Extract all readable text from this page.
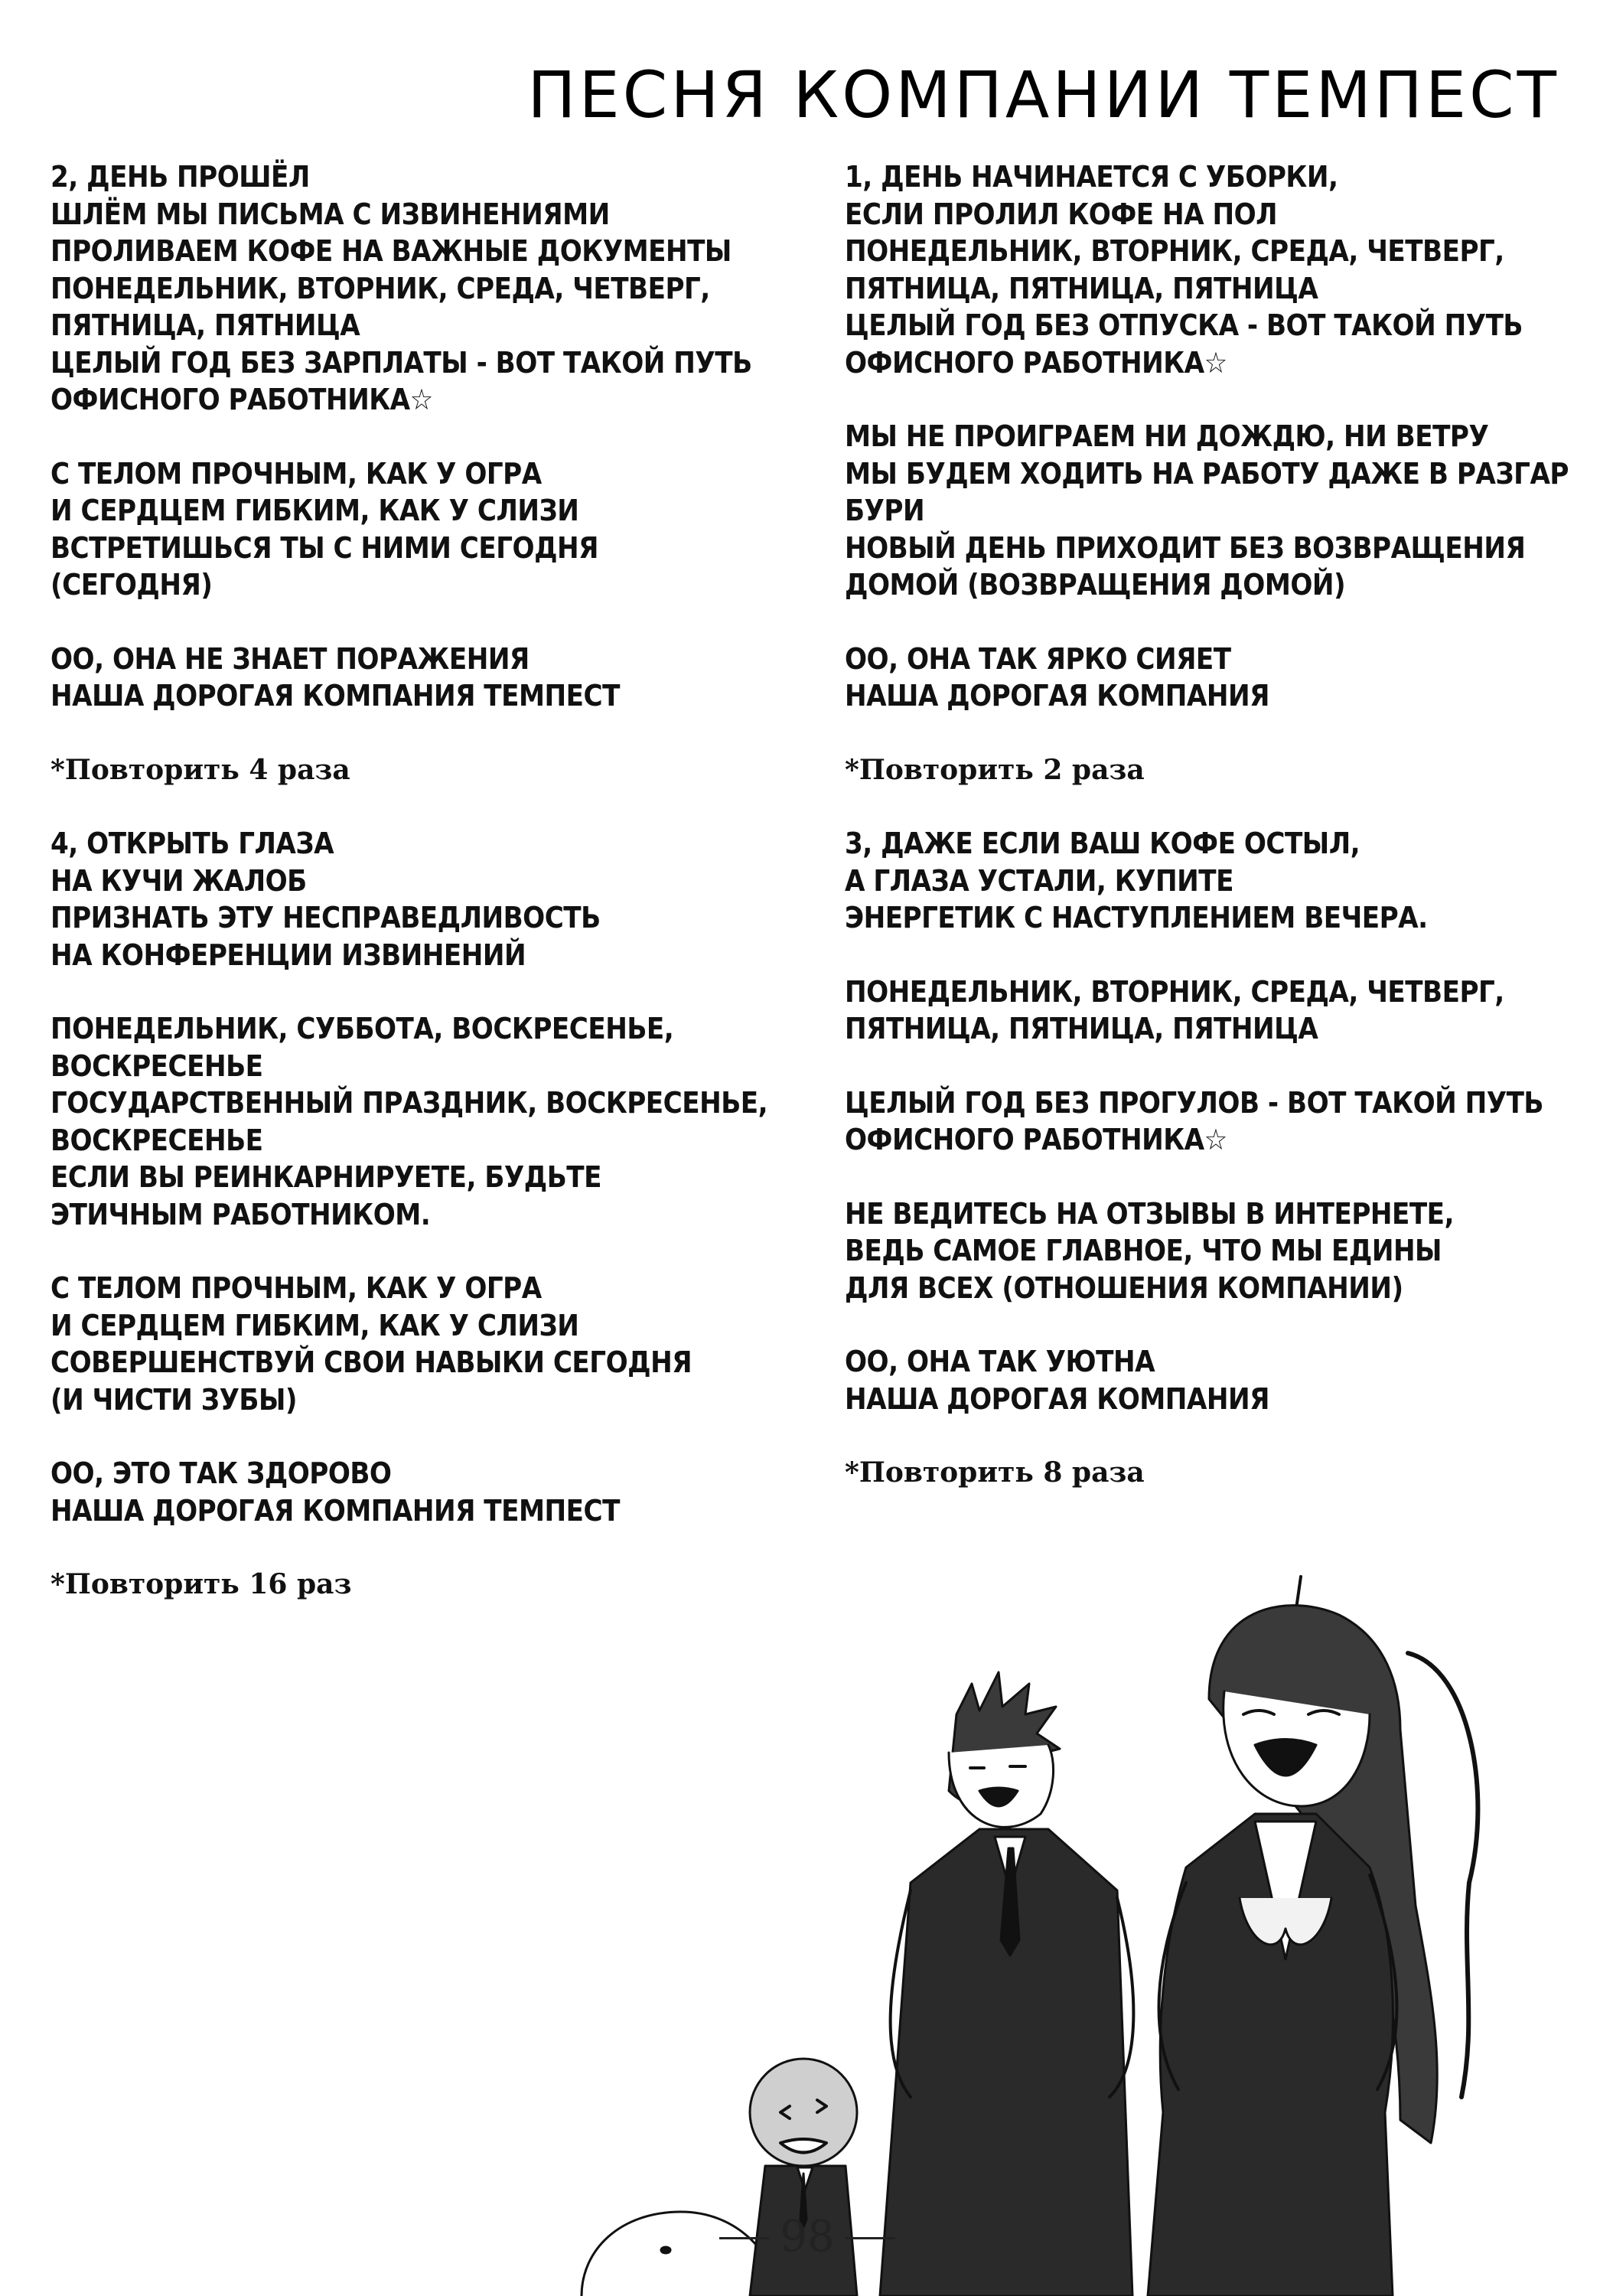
ПЕСНЯ КОМПАНИИ ТЕМПЕСТ
2, ДЕНЬ ПРОШЁЛ
ШЛЁМ МЫ ПИСЬМА С ИЗВИНЕНИЯМИ
ПРОЛИВАЕМ КОФЕ НА ВАЖНЫЕ ДОКУМЕНТЫ
ПОНЕДЕЛЬНИК, ВТОРНИК, СРЕДА, ЧЕТВЕРГ,
ПЯТНИЦА, ПЯТНИЦА
ЦЕЛЫЙ ГОД БЕЗ ЗАРПЛАТЫ - ВОТ ТАКОЙ ПУТЬ
ОФИСНОГО РАБОТНИКА☆
С ТЕЛОМ ПРОЧНЫМ, КАК У ОГРА
И СЕРДЦЕМ ГИБКИМ, КАК У СЛИЗИ
ВСТРЕТИШЬСЯ ТЫ С НИМИ СЕГОДНЯ
(СЕГОДНЯ)
ОО, ОНА НЕ ЗНАЕТ ПОРАЖЕНИЯ
НАША ДОРОГАЯ КОМПАНИЯ ТЕМПЕСТ
*Повторить 4 раза
4, ОТКРЫТЬ ГЛАЗА
НА КУЧИ ЖАЛОБ
ПРИЗНАТЬ ЭТУ НЕСПРАВЕДЛИВОСТЬ
НА КОНФЕРЕНЦИИ ИЗВИНЕНИЙ
ПОНЕДЕЛЬНИК, СУББОТА, ВОСКРЕСЕНЬЕ,
ВОСКРЕСЕНЬЕ
ГОСУДАРСТВЕННЫЙ ПРАЗДНИК, ВОСКРЕСЕНЬЕ,
ВОСКРЕСЕНЬЕ
ЕСЛИ ВЫ РЕИНКАРНИРУЕТЕ, БУДЬТЕ
ЭТИЧНЫМ РАБОТНИКОМ.
С ТЕЛОМ ПРОЧНЫМ, КАК У ОГРА
И СЕРДЦЕМ ГИБКИМ, КАК У СЛИЗИ
СОВЕРШЕНСТВУЙ СВОИ НАВЫКИ СЕГОДНЯ
(И ЧИСТИ ЗУБЫ)
ОО, ЭТО ТАК ЗДОРОВО
НАША ДОРОГАЯ КОМПАНИЯ ТЕМПЕСТ
*Повторить 16 раз
1, ДЕНЬ НАЧИНАЕТСЯ С УБОРКИ,
ЕСЛИ ПРОЛИЛ КОФЕ НА ПОЛ
ПОНЕДЕЛЬНИК, ВТОРНИК, СРЕДА, ЧЕТВЕРГ,
ПЯТНИЦА, ПЯТНИЦА, ПЯТНИЦА
ЦЕЛЫЙ ГОД БЕЗ ОТПУСКА - ВОТ ТАКОЙ ПУТЬ
ОФИСНОГО РАБОТНИКА☆
МЫ НЕ ПРОИГРАЕМ НИ ДОЖДЮ, НИ ВЕТРУ
МЫ БУДЕМ ХОДИТЬ НА РАБОТУ ДАЖЕ В РАЗГАР
БУРИ
НОВЫЙ ДЕНЬ ПРИХОДИТ БЕЗ ВОЗВРАЩЕНИЯ
ДОМОЙ (ВОЗВРАЩЕНИЯ ДОМОЙ)
ОО, ОНА ТАК ЯРКО СИЯЕТ
НАША ДОРОГАЯ КОМПАНИЯ
*Повторить 2 раза
3, ДАЖЕ ЕСЛИ ВАШ КОФЕ ОСТЫЛ,
А ГЛАЗА УСТАЛИ, КУПИТЕ
ЭНЕРГЕТИК С НАСТУПЛЕНИЕМ ВЕЧЕРА.
ПОНЕДЕЛЬНИК, ВТОРНИК, СРЕДА, ЧЕТВЕРГ,
ПЯТНИЦА, ПЯТНИЦА, ПЯТНИЦА
ЦЕЛЫЙ ГОД БЕЗ ПРОГУЛОВ - ВОТ ТАКОЙ ПУТЬ
ОФИСНОГО РАБОТНИКА☆
НЕ ВЕДИТЕСЬ НА ОТЗЫВЫ В ИНТЕРНЕТЕ,
ВЕДЬ САМОЕ ГЛАВНОЕ, ЧТО МЫ ЕДИНЫ
ДЛЯ ВСЕХ (ОТНОШЕНИЯ КОМПАНИИ)
ОО, ОНА ТАК УЮТНА
НАША ДОРОГАЯ КОМПАНИЯ
*Повторить 8 раза
98
